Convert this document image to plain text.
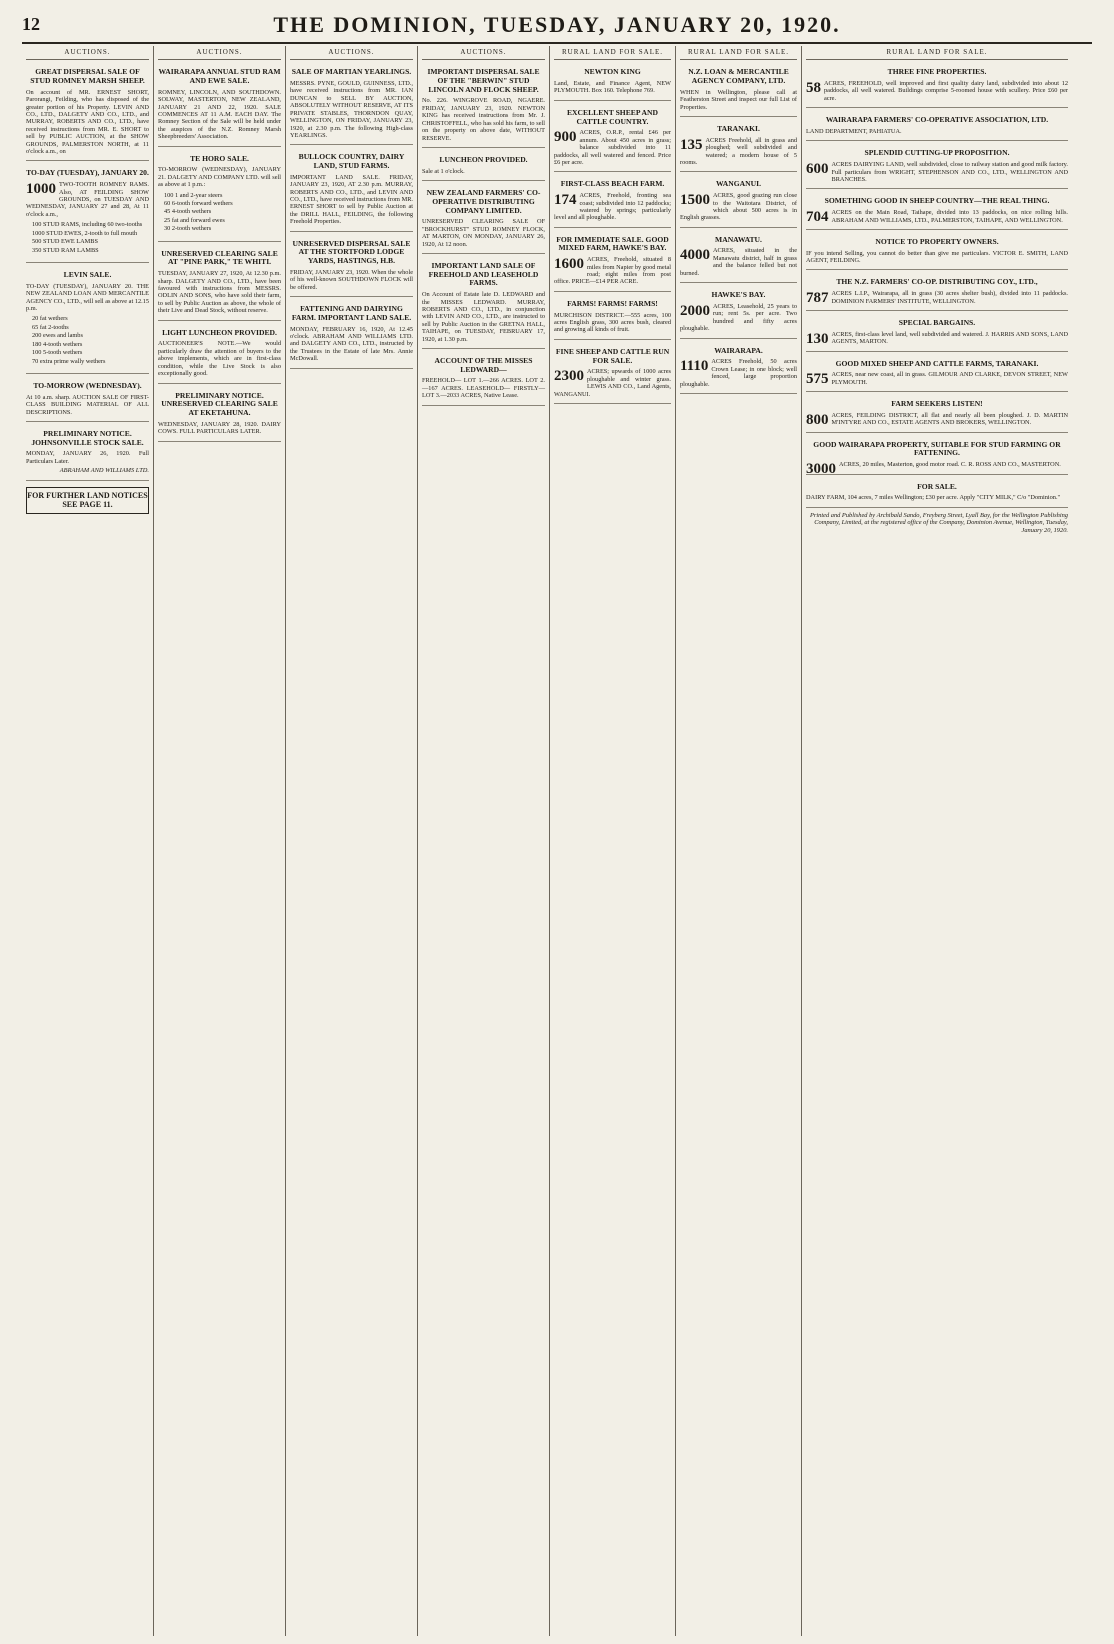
12	THE DOMINION, TUESDAY, JANUARY 20, 1920.
AUCTIONS.
GREAT DISPERSAL SALE OF STUD ROMNEY MARSH SHEEP.

On account of MR. ERNEST SHORT, Parorangi, Feilding, who has disposed of the greater portion of his Property. LEVIN AND CO., LTD., DALGETY AND CO., LTD., and MURRAY, ROBERTS AND CO., LTD., have received instructions from MR. E. SHORT to sell by PUBLIC AUCTION, at the SHOW GROUNDS, PALMERSTON NORTH, at 11 o'clock a.m., on

TO-DAY (TUESDAY), JANUARY 20.

1000 TWO-TOOTH ROMNEY RAMS. Also, AT FEILDING SHOW GROUNDS, on TUESDAY AND WEDNESDAY, JANUARY 27 and 28, At 11 o'clock a.m.,

100 STUD RAMS, including 60 two-tooths
1000 STUD EWES, 2-tooth to full mouth
500 STUD EWE LAMBS
350 STUD RAM LAMBS
LEVIN SALE.

TO-DAY (TUESDAY), JANUARY 20. THE NEW ZEALAND LOAN AND MERCANTILE AGENCY CO., LTD., will sell as above at 12.15 p.m.

20 fat wethers
65 fat 2-tooths
200 ewes and lambs
180 4-tooth wethers
100 5-tooth wethers
70 extra prime wally wethers
TO-MORROW (WEDNESDAY).

At 10 a.m. sharp. AUCTION SALE OF FIRST-CLASS BUILDING MATERIAL OF ALL DESCRIPTIONS.

PRELIMINARY NOTICE. JOHNSONVILLE STOCK SALE.

MONDAY, JANUARY 26, 1920. Full Particulars Later.

ABRAHAM AND WILLIAMS LTD.
FOR FURTHER LAND NOTICES SEE PAGE 11.
AUCTIONS.
WAIRARAPA ANNUAL STUD RAM AND EWE SALE.

ROMNEY, LINCOLN, AND SOUTHDOWN. SOLWAY, MASTERTON, NEW ZEALAND, JANUARY 21 AND 22, 1920. SALE COMMENCES AT 11 A.M. EACH DAY. The Romney Section of the Sale will be held under the auspices of the N.Z. Romney Marsh Sheepbreeders' Association.

TE HORO SALE.

TO-MORROW (WEDNESDAY), JANUARY 21. DALGETY AND COMPANY LTD. will sell as above at 1 p.m.:

100 1 and 2-year steers
60 6-tooth forward wethers
45 4-tooth wethers
25 fat and forward ewes
30 2-tooth wethers
UNRESERVED CLEARING SALE AT "PINE PARK," TE WHITI.

TUESDAY, JANUARY 27, 1920, At 12.30 p.m. sharp. DALGETY AND CO., LTD., have been favoured with instructions from MESSRS. ODLIN AND SONS, who have sold their farm, to sell by Public Auction as above, the whole of their Live and Dead Stock, without reserve.

LIGHT LUNCHEON PROVIDED.

AUCTIONEER'S NOTE.—We would particularly draw the attention of buyers to the above implements, which are in first-class condition, while the Live Stock is also exceptionally good.

PRELIMINARY NOTICE. UNRESERVED CLEARING SALE AT EKETAHUNA.

WEDNESDAY, JANUARY 28, 1920. DAIRY COWS. FULL PARTICULARS LATER.

AUCTIONS.
SALE OF MARTIAN YEARLINGS.

MESSRS. PYNE, GOULD, GUINNESS, LTD., have received instructions from MR. IAN DUNCAN to SELL BY AUCTION, ABSOLUTELY WITHOUT RESERVE, AT ITS PRIVATE STABLES, THORNDON QUAY, WELLINGTON, ON FRIDAY, JANUARY 23, 1920, at 2.30 p.m. The following High-class YEARLINGS.

BULLOCK COUNTRY, DAIRY LAND, STUD FARMS.

IMPORTANT LAND SALE. FRIDAY, JANUARY 23, 1920, AT 2.30 p.m. MURRAY, ROBERTS AND CO., LTD., and LEVIN AND CO., LTD., have received instructions from MR. ERNEST SHORT to sell by Public Auction at the DRILL HALL, FEILDING, the following Freehold Properties.

UNRESERVED DISPERSAL SALE AT THE STORTFORD LODGE YARDS, HASTINGS, H.B.

FRIDAY, JANUARY 23, 1920. When the whole of his well-known SOUTHDOWN FLOCK will be offered.

FATTENING AND DAIRYING FARM. IMPORTANT LAND SALE.

MONDAY, FEBRUARY 16, 1920, At 12.45 o'clock. ABRAHAM AND WILLIAMS LTD. and DALGETY AND CO., LTD., instructed by the Trustees in the Estate of late Mrs. Annie McDowall.

AUCTIONS.
IMPORTANT DISPERSAL SALE OF THE "BERWIN" STUD LINCOLN AND FLOCK SHEEP.

No. 226. WINGROVE ROAD, NGAERE. FRIDAY, JANUARY 23, 1920. NEWTON KING has received instructions from Mr. J. CHRISTOFFELL, who has sold his farm, to sell on the property on above date, WITHOUT RESERVE.

LUNCHEON PROVIDED.

Sale at 1 o'clock.

NEW ZEALAND FARMERS' CO-OPERATIVE DISTRIBUTING COMPANY LIMITED.

UNRESERVED CLEARING SALE OF "BROCKHURST" STUD ROMNEY FLOCK, AT MARTON, ON MONDAY, JANUARY 26, 1920, At 12 noon.

IMPORTANT LAND SALE OF FREEHOLD AND LEASEHOLD FARMS.

On Account of Estate late D. LEDWARD and the MISSES LEDWARD. MURRAY, ROBERTS AND CO., LTD., in conjunction with LEVIN AND CO., LTD., are instructed to sell by Public Auction in the GRETNA HALL, TAIHAPE, on TUESDAY, FEBRUARY 17, 1920, at 1.30 p.m.

ACCOUNT OF THE MISSES LEDWARD—

FREEHOLD— LOT 1.—266 ACRES. LOT 2.—167 ACRES. LEASEHOLD— FIRSTLY— LOT 3.—2033 ACRES, Native Lease.

RURAL LAND FOR SALE.
NEWTON KING

Land, Estate, and Finance Agent, NEW PLYMOUTH. Box 160. Telephone 769.

EXCELLENT SHEEP AND CATTLE COUNTRY.

900 ACRES, O.R.P., rental £46 per annum. About 450 acres in grass; balance subdivided into 11 paddocks, all well watered and fenced. Price £6 per acre.

FIRST-CLASS BEACH FARM.

174 ACRES, Freehold, fronting sea coast; subdivided into 12 paddocks; watered by springs; particularly level and all ploughable.

FOR IMMEDIATE SALE. GOOD MIXED FARM, HAWKE'S BAY.

1600 ACRES, Freehold, situated 8 miles from Napier by good metal road; eight miles from post office. PRICE—£14 PER ACRE.

FARMS! FARMS! FARMS!

MURCHISON DISTRICT.—555 acres, 100 acres English grass, 300 acres bush, cleared and growing all kinds of fruit.

FINE SHEEP AND CATTLE RUN FOR SALE.

2300 ACRES; upwards of 1000 acres ploughable and winter grass. LEWIS AND CO., Land Agents, WANGANUI.

RURAL LAND FOR SALE.
N.Z. LOAN & MERCANTILE AGENCY COMPANY, LTD.

WHEN in Wellington, please call at Featherston Street and inspect our full List of Properties.

TARANAKI.

135 ACRES Freehold, all in grass and ploughed; well subdivided and watered; a modern house of 5 rooms.

WANGANUI.

1500 ACRES, good grazing run close to the Waitotara District, of which about 500 acres is in English grasses.

MANAWATU.

4000 ACRES, situated in the Manawatu district, half in grass and the balance felled but not burned.

HAWKE'S BAY.

2000 ACRES, Leasehold, 25 years to run; rent 5s. per acre. Two hundred and fifty acres ploughable.

WAIRARAPA.

1110 ACRES Freehold, 50 acres Crown Lease; in one block; well fenced, large proportion ploughable.

RURAL LAND FOR SALE.
THREE FINE PROPERTIES.

58 ACRES, FREEHOLD, well improved and first quality dairy land, subdivided into about 12 paddocks, all well watered. Buildings comprise 5-roomed house with scullery. Price £60 per acre.

WAIRARAPA FARMERS' CO-OPERATIVE ASSOCIATION, LTD.

LAND DEPARTMENT, PAHIATUA.

SPLENDID CUTTING-UP PROPOSITION.

600 ACRES DAIRYING LAND, well subdivided, close to railway station and good milk factory. Full particulars from WRIGHT, STEPHENSON AND CO., LTD., WELLINGTON AND BRANCHES.

SOMETHING GOOD IN SHEEP COUNTRY—THE REAL THING.

704 ACRES on the Main Road, Taihape, divided into 13 paddocks, on nice rolling hills. ABRAHAM AND WILLIAMS, LTD., PALMERSTON, TAIHAPE, AND WELLINGTON.

NOTICE TO PROPERTY OWNERS.

IF you intend Selling, you cannot do better than give me particulars. VICTOR E. SMITH, LAND AGENT, FEILDING.

THE N.Z. FARMERS' CO-OP. DISTRIBUTING COY., LTD.,

787 ACRES L.I.P., Wairarapa, all in grass (30 acres shelter bush), divided into 11 paddocks. DOMINION FARMERS' INSTITUTE, WELLINGTON.

SPECIAL BARGAINS.

130 ACRES, first-class level land, well subdivided and watered. J. HARRIS AND SONS, LAND AGENTS, MARTON.

GOOD MIXED SHEEP AND CATTLE FARMS, TARANAKI.

575 ACRES, near new coast, all in grass. GILMOUR AND CLARKE, DEVON STREET, NEW PLYMOUTH.

FARM SEEKERS LISTEN!

800 ACRES, FEILDING DISTRICT, all flat and nearly all been ploughed. J. D. MARTIN M'INTYRE AND CO., ESTATE AGENTS AND BROKERS, WELLINGTON.

GOOD WAIRARAPA PROPERTY, SUITABLE FOR STUD FARMING OR FATTENING.

3000 ACRES, 20 miles, Masterton, good motor road. C. R. ROSS AND CO., MASTERTON.

FOR SALE.

DAIRY FARM, 104 acres, 7 miles Wellington; £30 per acre. Apply "CITY MILK," C/o "Dominion."

Printed and Published by Archibald Sando, Freyberg Street, Lyall Bay, for the Wellington Publishing Company, Limited, at the registered office of the Company, Dominion Avenue, Wellington, Tuesday, January 20, 1920.
